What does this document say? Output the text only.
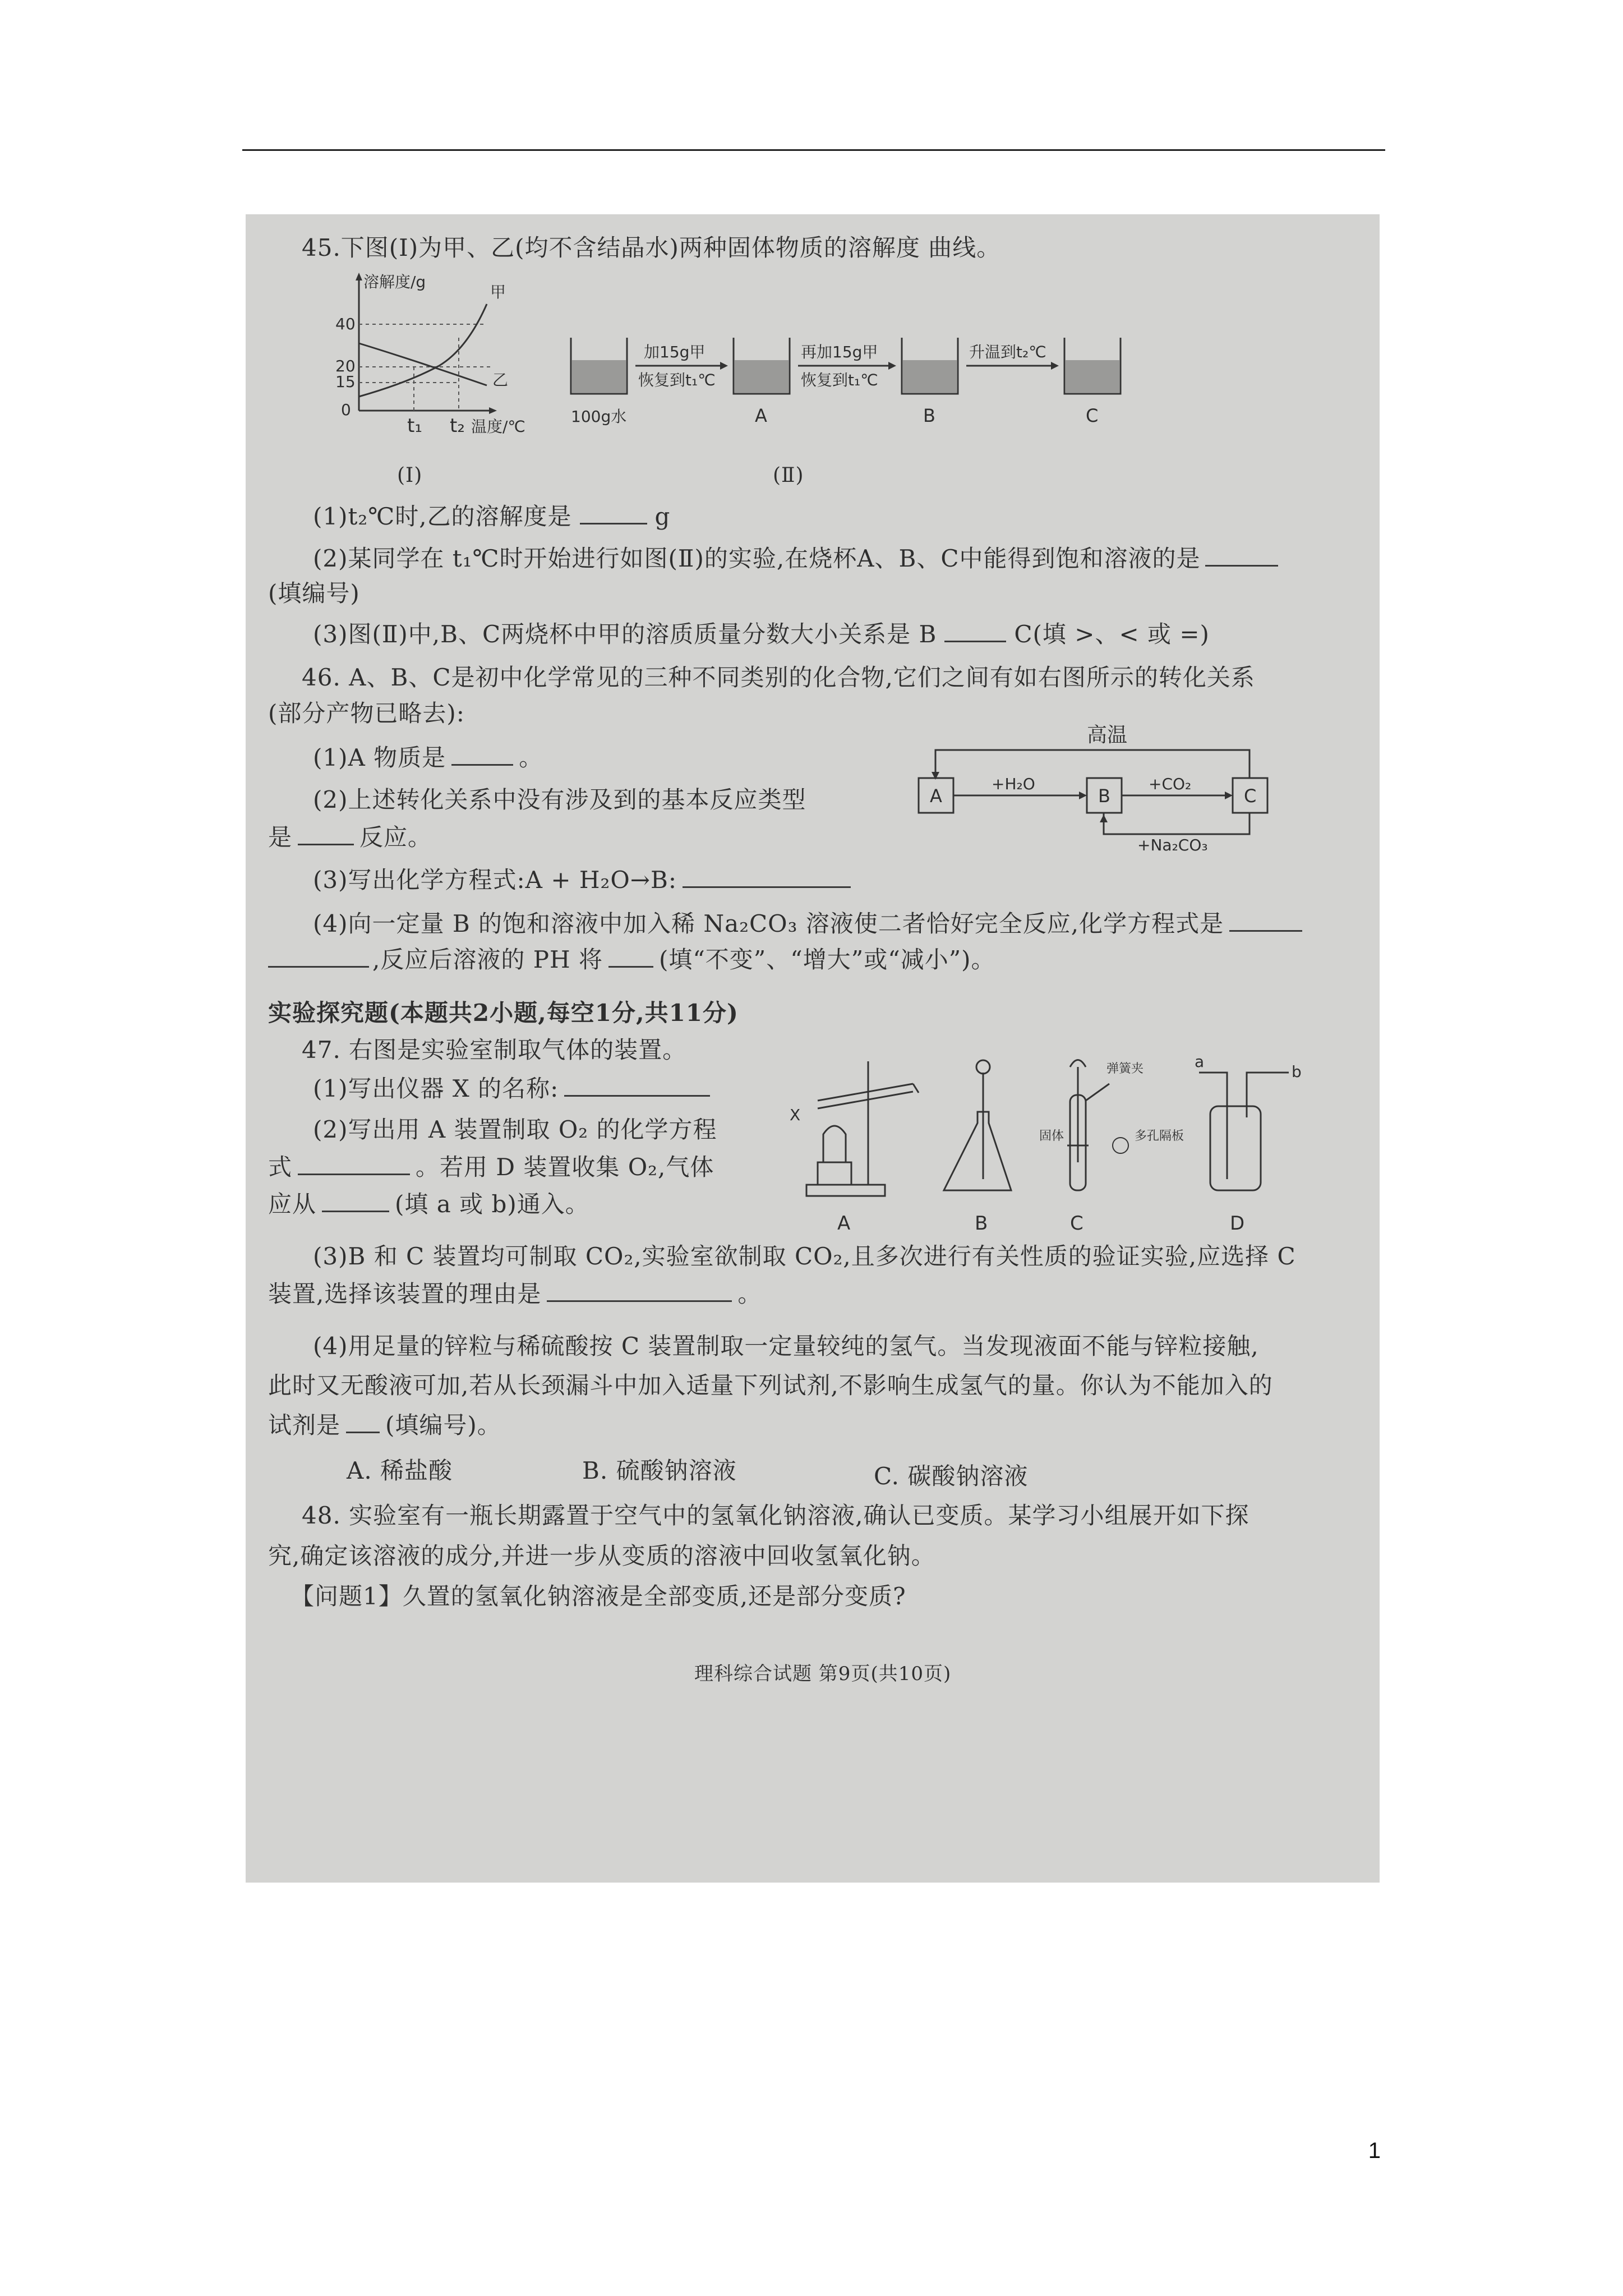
45.下图(Ⅰ)为甲、乙(均不含结晶水)两种固体物质的溶解度 曲线。
溶解度/g
40
20
15
0
甲
乙
t₁ t₂ 温度/℃
(Ⅰ)
加15g甲
恢复到t₁℃
再加15g甲
恢复到t₁℃
升温到t₂℃
100g水	A	B	C
(Ⅱ)
(1)t₂℃时,乙的溶解度是	g
(2)某同学在 t₁℃时开始进行如图(Ⅱ)的实验,在烧杯A、B、C中能得到饱和溶液的是
(填编号)
(3)图(Ⅱ)中,B、C两烧杯中甲的溶质质量分数大小关系是 B	C(填 >、< 或 =)
46. A、B、C是初中化学常见的三种不同类别的化合物,它们之间有如右图所示的转化关系
(部分产物已略去):
(1)A 物质是	。
(2)上述转化关系中没有涉及到的基本反应类型
是	反应。
(3)写出化学方程式:A + H₂O→B:
(4)向一定量 B 的饱和溶液中加入稀 Na₂CO₃ 溶液使二者恰好完全反应,化学方程式是
,反应后溶液的 PH 将 (填“不变”、“增大”或“减小”)。
高温
A	B	C
+H₂O	+CO₂
+Na₂CO₃
实验探究题(本题共2小题,每空1分,共11分)
47. 右图是实验室制取气体的装置。
(1)写出仪器 X 的名称:
(2)写出用 A 装置制取 O₂ 的化学方程
式	。若用 D 装置收集 O₂,气体
应从	(填 a 或 b)通入。
X
A	B
弹簧夹
固体	多孔隔板
C
a
b
D
(3)B 和 C 装置均可制取 CO₂,实验室欲制取 CO₂,且多次进行有关性质的验证实验,应选择 C
装置,选择该装置的理由是	。
(4)用足量的锌粒与稀硫酸按 C 装置制取一定量较纯的氢气。当发现液面不能与锌粒接触,
此时又无酸液可加,若从长颈漏斗中加入适量下列试剂,不影响生成氢气的量。你认为不能加入的
试剂是 (填编号)。
A. 稀盐酸	B. 硫酸钠溶液	C. 碳酸钠溶液
48. 实验室有一瓶长期露置于空气中的氢氧化钠溶液,确认已变质。某学习小组展开如下探
究,确定该溶液的成分,并进一步从变质的溶液中回收氢氧化钠。
【问题1】久置的氢氧化钠溶液是全部变质,还是部分变质?
理科综合试题 第9页(共10页)
1
